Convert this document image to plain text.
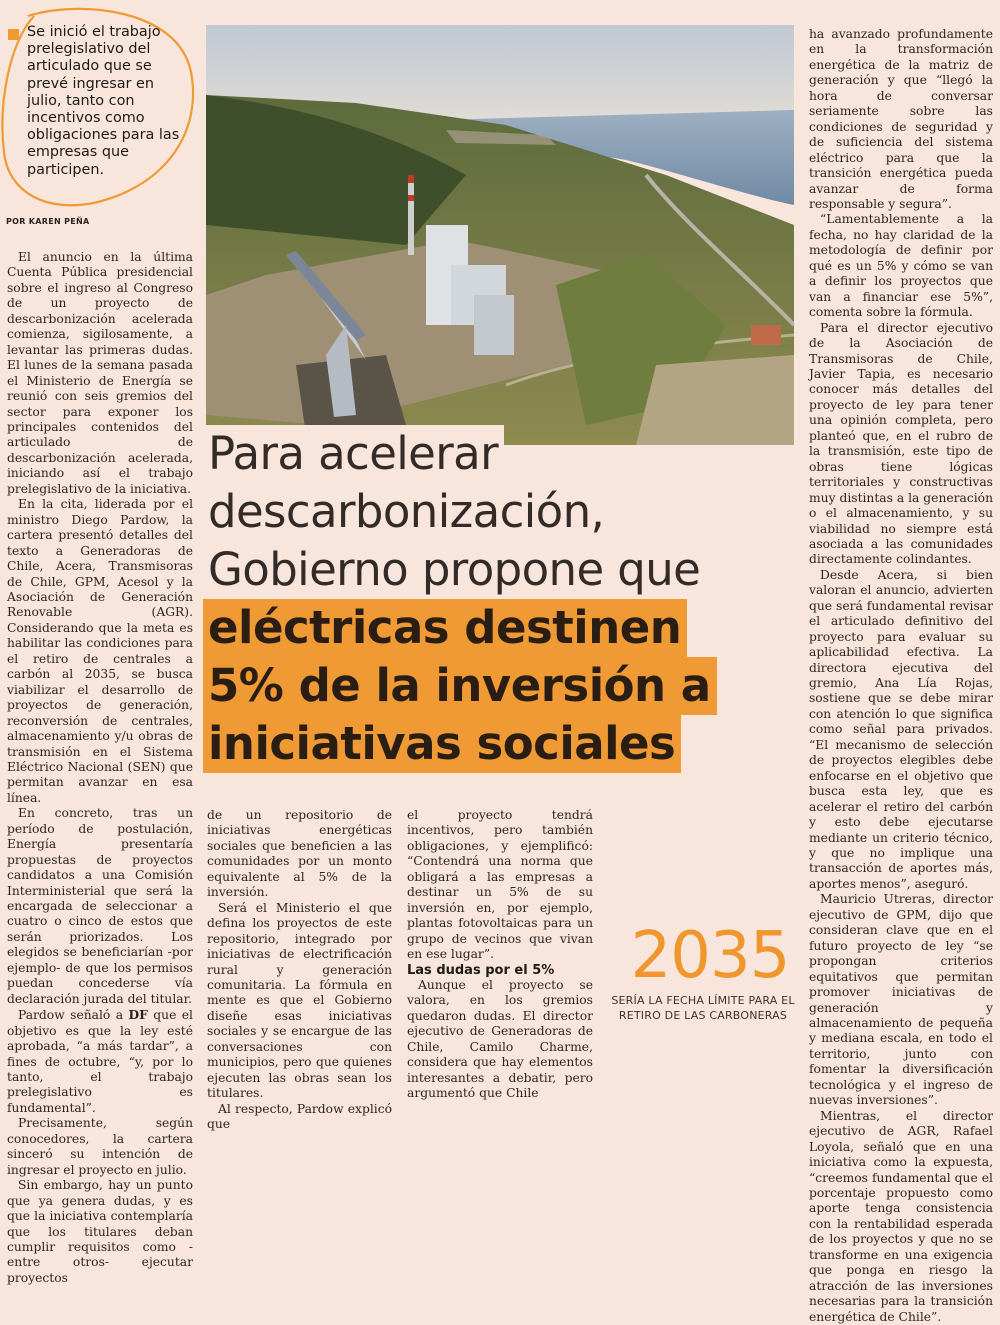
Se inició el trabajo prelegislativo del articulado que se prevé ingresar en julio, tanto con incentivos como obligaciones para las empresas que participen.
POR KAREN PEÑA
Para acelerar
descarbonización,
Gobierno propone que
eléctricas destinen
5% de la inversión a
iniciativas sociales

El anuncio en la última Cuenta Pública presidencial sobre el ingreso al Congreso de un proyecto de descarbonización acelerada comienza, sigilosamente, a levantar las primeras dudas. El lunes de la semana pasada el Ministerio de Energía se reunió con seis gremios del sector para exponer los principales contenidos del articulado de descarbonización acelerada, iniciando así el trabajo prelegislativo de la iniciativa.

En la cita, liderada por el ministro Diego Pardow, la cartera presentó detalles del texto a Generadoras de Chile, Acera, Transmisoras de Chile, GPM, Acesol y la Asociación de Generación Renovable (AGR). Considerando que la meta es habilitar las condiciones para el retiro de centrales a carbón al 2035, se busca viabilizar el desarrollo de proyectos de generación, reconversión de centrales, almacenamiento y/u obras de transmisión en el Sistema Eléctrico Nacional (SEN) que permitan avanzar en esa línea.

En concreto, tras un período de postulación, Energía presentaría propuestas de proyectos candidatos a una Comisión Interministerial que será la encargada de seleccionar a cuatro o cinco de estos que serán priorizados. Los elegidos se beneficiarían -por ejemplo- de que los permisos puedan concederse vía declaración jurada del titular.

Pardow señaló a DF que el objetivo es que la ley esté aprobada, “a más tardar”, a fines de octubre, “y, por lo tanto, el trabajo prelegislativo es fundamental”.

Precisamente, según conocedores, la cartera sinceró su intención de ingresar el proyecto en julio.

Sin embargo, hay un punto que ya genera dudas, y es que la iniciativa contemplaría que los titulares deban cumplir requisitos como -entre otros- ejecutar proyectos

de un repositorio de iniciativas energéticas sociales que beneficien a las comunidades por un monto equivalente al 5% de la inversión.

Será el Ministerio el que defina los proyectos de este repositorio, integrado por iniciativas de electrificación rural y generación comunitaria. La fórmula en mente es que el Gobierno diseñe esas iniciativas sociales y se encargue de las conversaciones con municipios, pero que quienes ejecuten las obras sean los titulares.

Al respecto, Pardow explicó que

el proyecto tendrá incentivos, pero también obligaciones, y ejemplificó: “Contendrá una norma que obligará a las empresas a destinar un 5% de su inversión en, por ejemplo, plantas fotovoltaicas para un grupo de vecinos que vivan en ese lugar”.

Las dudas por el 5%

Aunque el proyecto se valora, en los gremios quedaron dudas. El director ejecutivo de Generadoras de Chile, Camilo Charme, considera que hay elementos interesantes a debatir, pero argumentó que Chile

2035
SERÍA LA FECHA LÍMITE PARA EL RETIRO DE LAS CARBONERAS

ha avanzado profundamente en la transformación energética de la matriz de generación y que “llegó la hora de conversar seriamente sobre las condiciones de seguridad y de suficiencia del sistema eléctrico para que la transición energética pueda avanzar de forma responsable y segura”.

“Lamentablemente a la fecha, no hay claridad de la metodología de definir por qué es un 5% y cómo se van a definir los proyectos que van a financiar ese 5%”, comenta sobre la fórmula.

Para el director ejecutivo de la Asociación de Transmisoras de Chile, Javier Tapia, es necesario conocer más detalles del proyecto de ley para tener una opinión completa, pero planteó que, en el rubro de la transmisión, este tipo de obras tiene lógicas territoriales y constructivas muy distintas a la generación o el almacenamiento, y su viabilidad no siempre está asociada a las comunidades directamente colindantes.

Desde Acera, si bien valoran el anuncio, advierten que será fundamental revisar el articulado definitivo del proyecto para evaluar su aplicabilidad efectiva. La directora ejecutiva del gremio, Ana Lía Rojas, sostiene que se debe mirar con atención lo que significa como señal para privados. “El mecanismo de selección de proyectos elegibles debe enfocarse en el objetivo que busca esta ley, que es acelerar el retiro del carbón y esto debe ejecutarse mediante un criterio técnico, y que no implique una transacción de aportes más, aportes menos”, aseguró.

Mauricio Utreras, director ejecutivo de GPM, dijo que consideran clave que en el futuro proyecto de ley “se propongan criterios equitativos que permitan promover iniciativas de generación y almacenamiento de pequeña y mediana escala, en todo el territorio, junto con fomentar la diversificación tecnológica y el ingreso de nuevas inversiones”.

Mientras, el director ejecutivo de AGR, Rafael Loyola, señaló que en una iniciativa como la expuesta, “creemos fundamental que el porcentaje propuesto como aporte tenga consistencia con la rentabilidad esperada de los proyectos y que no se transforme en una exigencia que ponga en riesgo la atracción de las inversiones necesarias para la transición energética de Chile”.
